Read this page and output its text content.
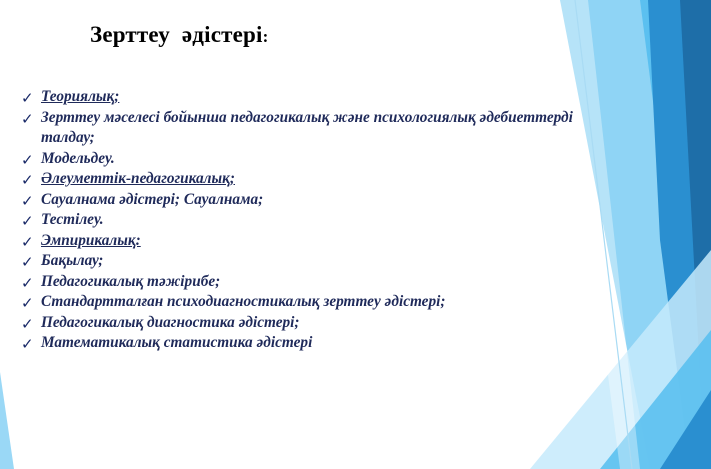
Зерттеу  әдістері:
✓ Теориялық;
✓ Зерттеу мәселесі бойынша педагогикалық және психологиялық әдебиеттерді талдау;
✓ Модельдеу.
✓ Әлеуметтік-педагогикалық;
✓ Сауалнама әдістері; Сауалнама;
✓ Тестілеу.
✓ Эмпирикалық:
✓ Бақылау;
✓ Педагогикалық тәжірибе;
✓ Стандартталған психодиагностикалық зерттеу әдістері;
✓ Педагогикалық диагностика әдістері;
✓ Математикалық статистика әдістері
